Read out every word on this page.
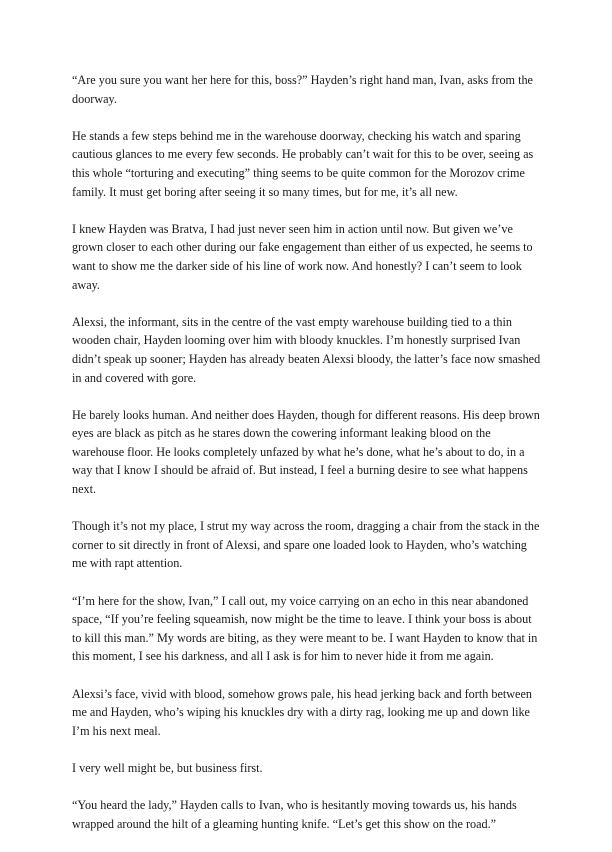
“Are you sure you want her here for this, boss?” Hayden’s right hand man, Ivan, asks from the doorway.

He stands a few steps behind me in the warehouse doorway, checking his watch and sparing cautious glances to me every few seconds. He probably can’t wait for this to be over, seeing as this whole “torturing and executing” thing seems to be quite common for the Morozov crime family. It must get boring after seeing it so many times, but for me, it’s all new.

I knew Hayden was Bratva, I had just never seen him in action until now. But given we’ve grown closer to each other during our fake engagement than either of us expected, he seems to want to show me the darker side of his line of work now. And honestly? I can’t seem to look away.

Alexsi, the informant, sits in the centre of the vast empty warehouse building tied to a thin wooden chair, Hayden looming over him with bloody knuckles. I’m honestly surprised Ivan didn’t speak up sooner; Hayden has already beaten Alexsi bloody, the latter’s face now smashed in and covered with gore.

He barely looks human. And neither does Hayden, though for different reasons. His deep brown eyes are black as pitch as he stares down the cowering informant leaking blood on the warehouse floor. He looks completely unfazed by what he’s done, what he’s about to do, in a way that I know I should be afraid of. But instead, I feel a burning desire to see what happens next.

Though it’s not my place, I strut my way across the room, dragging a chair from the stack in the corner to sit directly in front of Alexsi, and spare one loaded look to Hayden, who’s watching me with rapt attention.

“I’m here for the show, Ivan,” I call out, my voice carrying on an echo in this near abandoned space, “If you’re feeling squeamish, now might be the time to leave. I think your boss is about to kill this man.” My words are biting, as they were meant to be. I want Hayden to know that in this moment, I see his darkness, and all I ask is for him to never hide it from me again.

Alexsi’s face, vivid with blood, somehow grows pale, his head jerking back and forth between me and Hayden, who’s wiping his knuckles dry with a dirty rag, looking me up and down like I’m his next meal.

I very well might be, but business first.

“You heard the lady,” Hayden calls to Ivan, who is hesitantly moving towards us, his hands wrapped around the hilt of a gleaming hunting knife. “Let’s get this show on the road.”
